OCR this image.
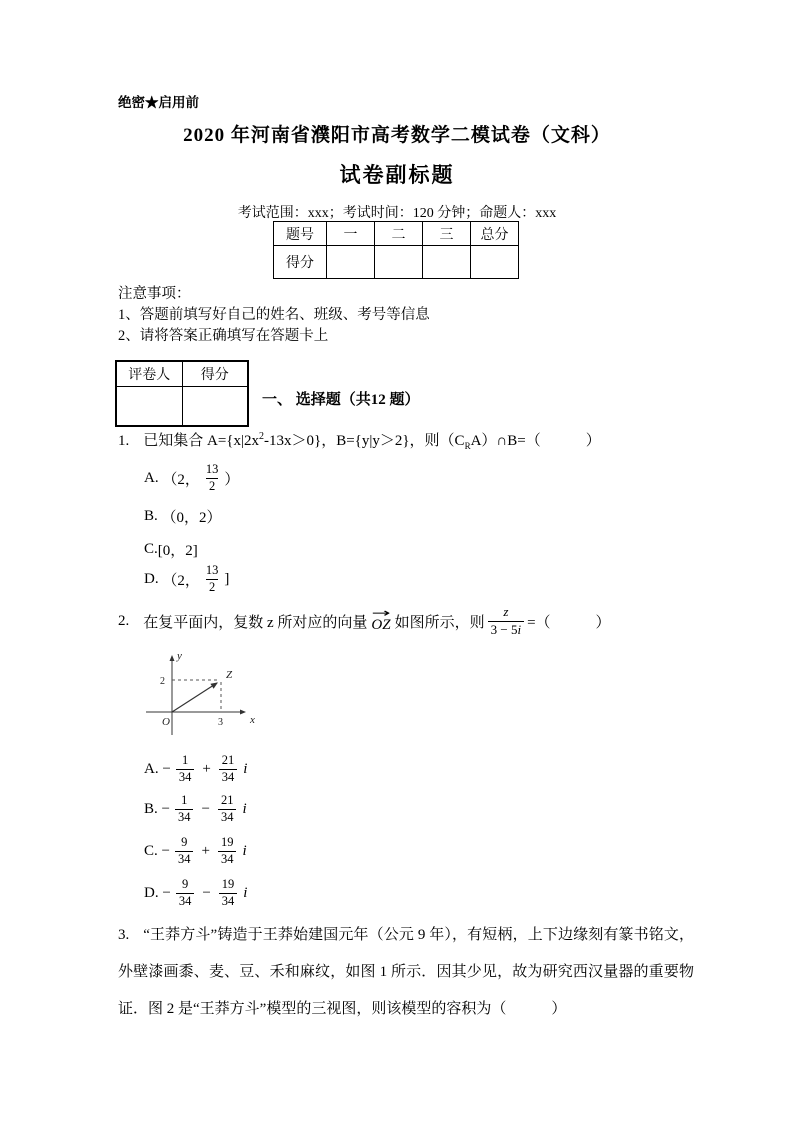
绝密★启用前
2020 年河南省濮阳市高考数学二模试卷（文科）
试卷副标题
考试范围：xxx；考试时间：120 分钟；命题人：xxx
题号	一	二	三	总分
得分				
注意事项：
1、答题前填写好自己的姓名、班级、考号等信息
2、请将答案正确填写在答题卡上
评卷人	得分

一、 选择题（共12 题）
1. 已知集合 $A=\{x|2x^2-13x>0\}$，B={y|y＞2}，则$(C_RA)\cap B=$（　　　）
A.
（2， $\frac{13}{2}$ ）
B.
（0，2）
C. [0，2]
D.
（2， $\frac{13}{2}$ ]
2. 在复平面内，复数 z 所对应的向量
→
OZ 如图所示，则 $\frac{z}{3 - 5i}$ =（　　　）
y
x
O
Z
2
3
A.
− $\frac{1}{34} + \frac{21}{34}$ i
B.
− $\frac{1}{34} - \frac{21}{34}$ i
C.
− $\frac{9}{34} + \frac{19}{34}$ i
D.
− $\frac{9}{34} - \frac{19}{34}$ i
3. “王莽方斗”铸造于王莽始建国元年（公元 9 年），有短柄，上下边缘刻有篆书铭文，外壁漆画黍、麦、豆、禾和麻纹，如图 1 所示．因其少见，故为研究西汉量器的重要物证．图 2 是“王莽方斗”模型的三视图，则该模型的容积为（　　　）
